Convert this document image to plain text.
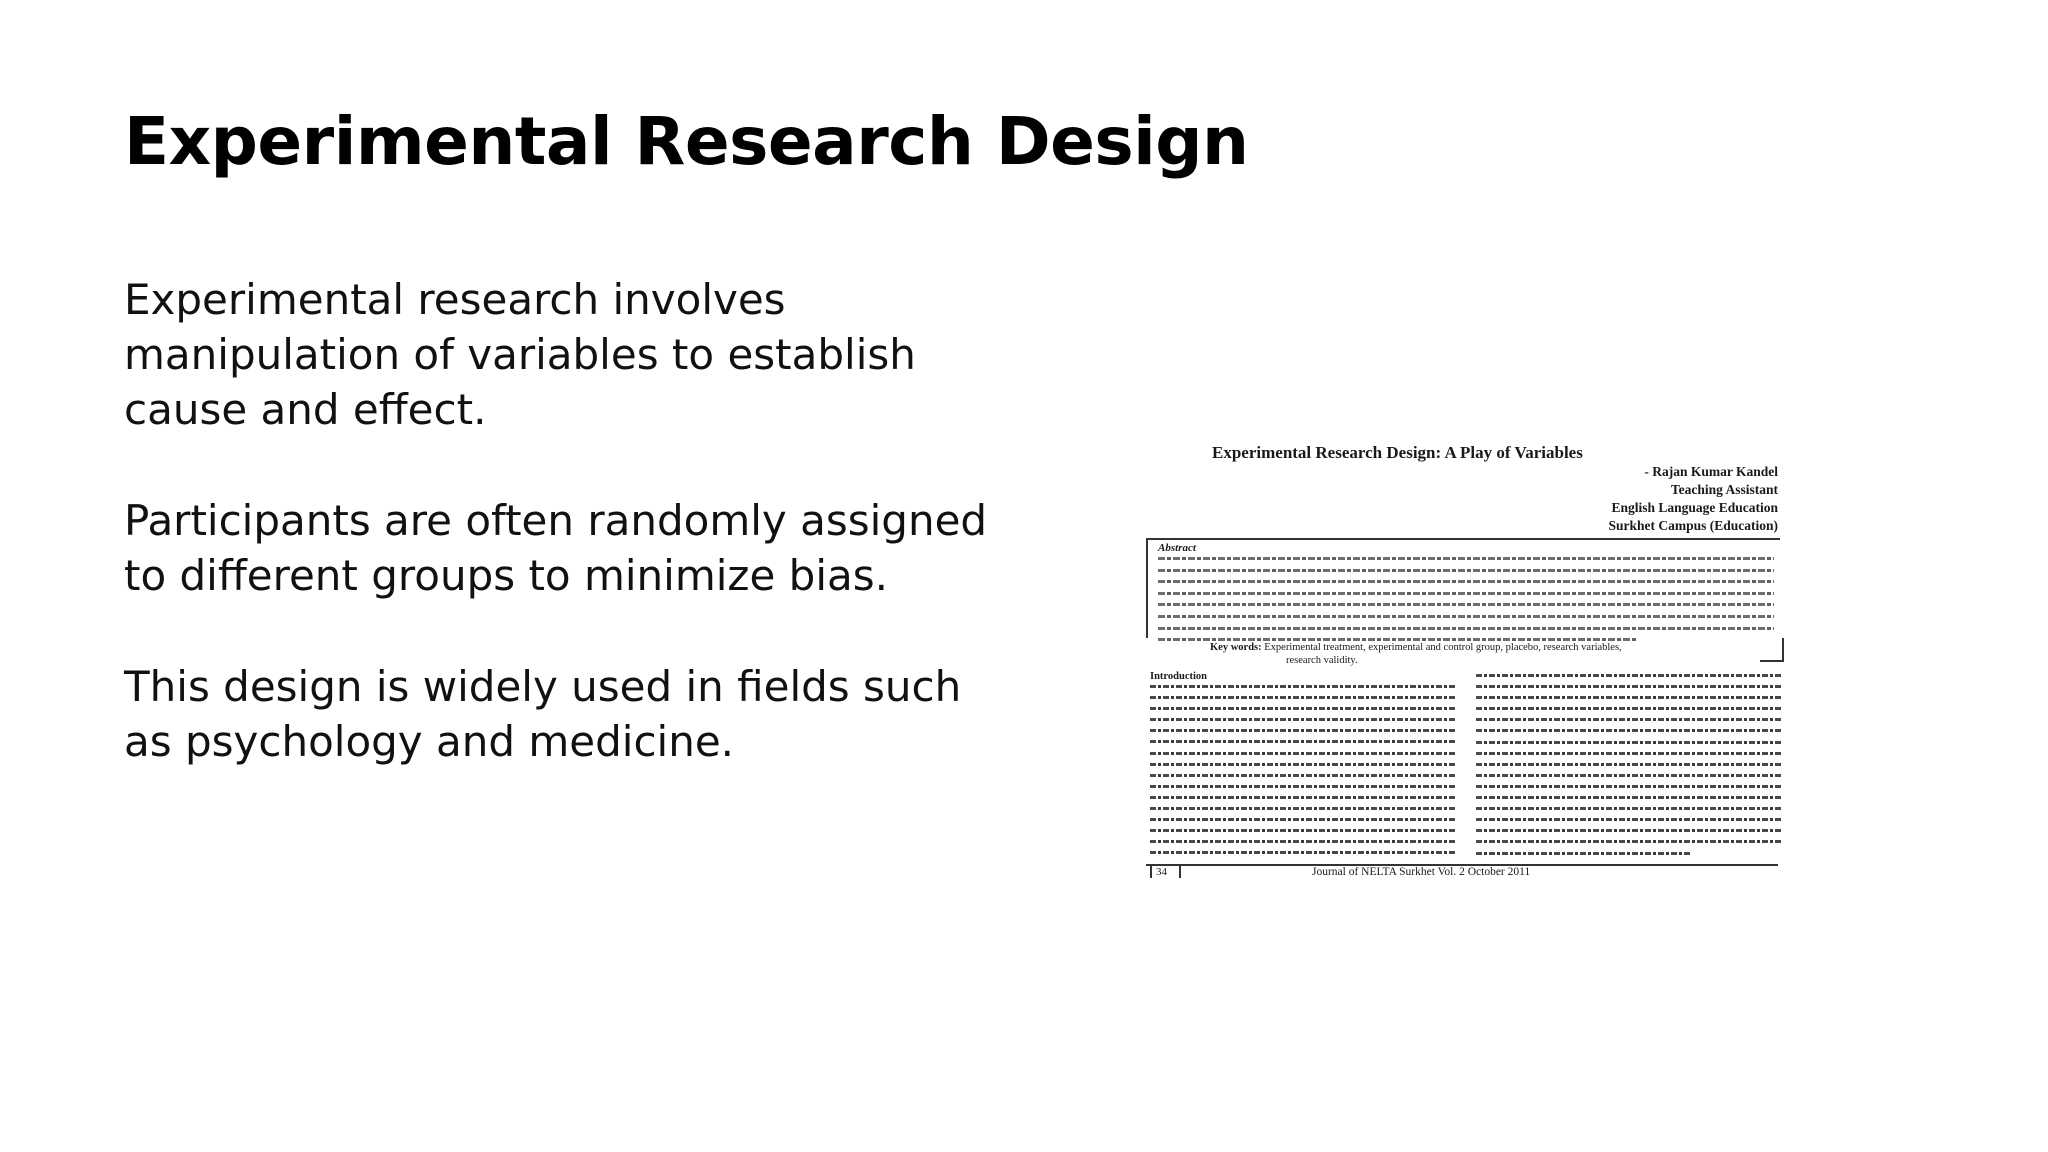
Experimental Research Design

Experimental research involves
manipulation of variables to establish
cause and effect.

Participants are often randomly assigned
to different groups to minimize bias.

This design is widely used in fields such
as psychology and medicine.

Experimental Research Design: A Play of Variables
- Rajan Kumar Kandel
Teaching Assistant
English Language Education
Surkhet Campus (Education)
Abstract
Key words: Experimental treatment, experimental and control group, placebo, research variables,
research validity.
Introduction
34	Journal of NELTA Surkhet Vol. 2 October 2011
